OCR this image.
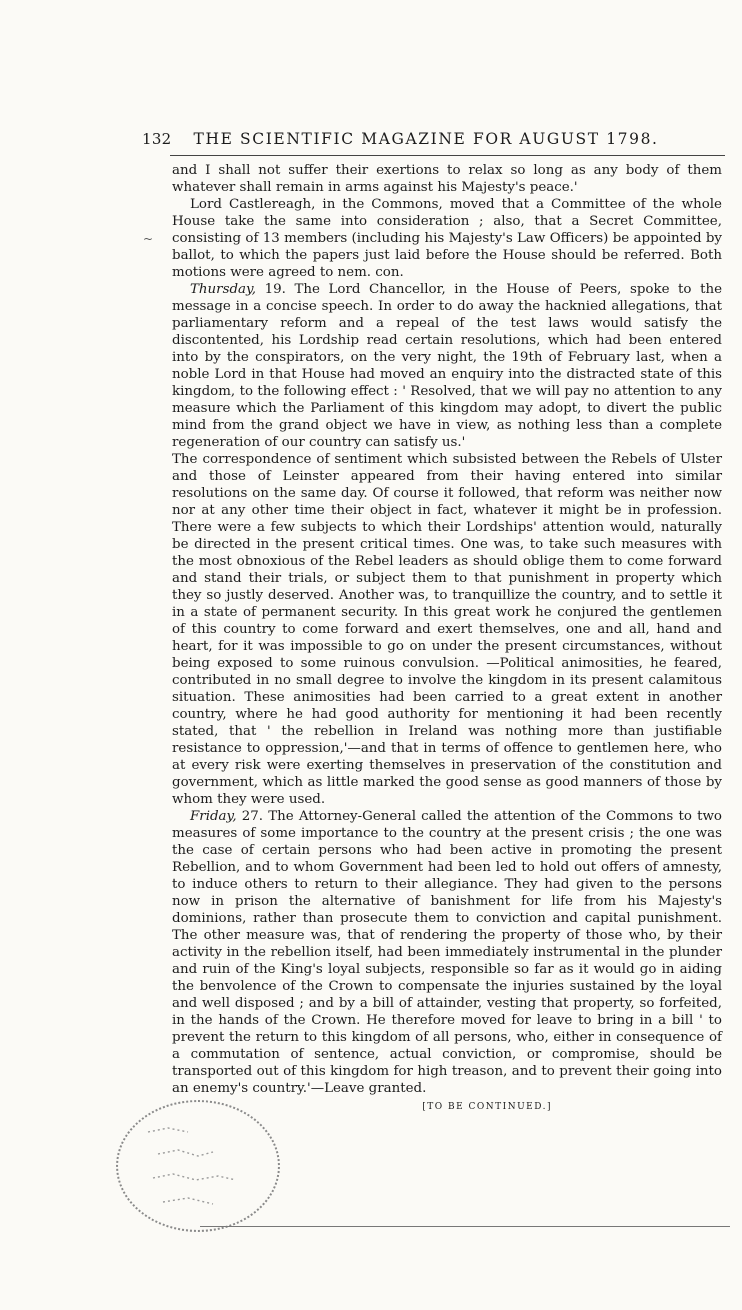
132 THE SCIENTIFIC MAGAZINE FOR AUGUST 1798.
~

and I shall not suffer their exertions to relax so long as any body of them whatever shall remain in arms against his Majesty's peace.'

Lord Castlereagh, in the Commons, moved that a Committee of the whole House take the same into consideration ; also, that a Secret Committee, consisting of 13 members (including his Majesty's Law Officers) be appointed by ballot, to which the papers just laid before the House should be referred. Both motions were agreed to nem. con.

Thursday, 19. The Lord Chancellor, in the House of Peers, spoke to the message in a concise speech. In order to do away the hacknied allegations, that parliamentary reform and a repeal of the test laws would satisfy the discontented, his Lordship read certain resolutions, which had been entered into by the conspirators, on the very night, the 19th of February last, when a noble Lord in that House had moved an enquiry into the distracted state of this kingdom, to the following effect : ' Resolved, that we will pay no attention to any measure which the Parliament of this kingdom may adopt, to divert the public mind from the grand object we have in view, as nothing less than a complete regeneration of our country can satisfy us.'

The correspondence of sentiment which subsisted between the Rebels of Ulster and those of Leinster appeared from their having entered into similar resolutions on the same day. Of course it followed, that reform was neither now nor at any other time their object in fact, whatever it might be in profession. There were a few subjects to which their Lordships' attention would, naturally be directed in the present critical times. One was, to take such measures with the most obnoxious of the Rebel leaders as should oblige them to come forward and stand their trials, or subject them to that punishment in property which they so justly deserved. Another was, to tranquillize the country, and to settle it in a state of permanent security. In this great work he conjured the gentlemen of this country to come forward and exert themselves, one and all, hand and heart, for it was impossible to go on under the present circumstances, without being exposed to some ruinous convulsion. —Political animosities, he feared, contributed in no small degree to involve the kingdom in its present calamitous situation. These animosities had been carried to a great extent in another country, where he had good authority for mentioning it had been recently stated, that ' the rebellion in Ireland was nothing more than justifiable resistance to oppression,'—and that in terms of offence to gentlemen here, who at every risk were exerting themselves in preservation of the constitution and government, which as little marked the good sense as good manners of those by whom they were used.

Friday, 27. The Attorney-General called the attention of the Commons to two measures of some importance to the country at the present crisis ; the one was the case of certain persons who had been active in promoting the present Rebellion, and to whom Government had been led to hold out offers of amnesty, to induce others to return to their allegiance. They had given to the persons now in prison the alternative of banishment for life from his Majesty's dominions, rather than prosecute them to conviction and capital punishment. The other measure was, that of rendering the property of those who, by their activity in the rebellion itself, had been immediately instrumental in the plunder and ruin of the King's loyal subjects, responsible so far as it would go in aiding the benvolence of the Crown to compensate the injuries sustained by the loyal and well disposed ; and by a bill of attainder, vesting that property, so forfeited, in the hands of the Crown. He therefore moved for leave to bring in a bill ' to prevent the return to this kingdom of all persons, who, either in consequence of a commutation of sentence, actual conviction, or compromise, should be transported out of this kingdom for high treason, and to prevent their going into an enemy's country.'—Leave granted.

[TO BE CONTINUED.]
